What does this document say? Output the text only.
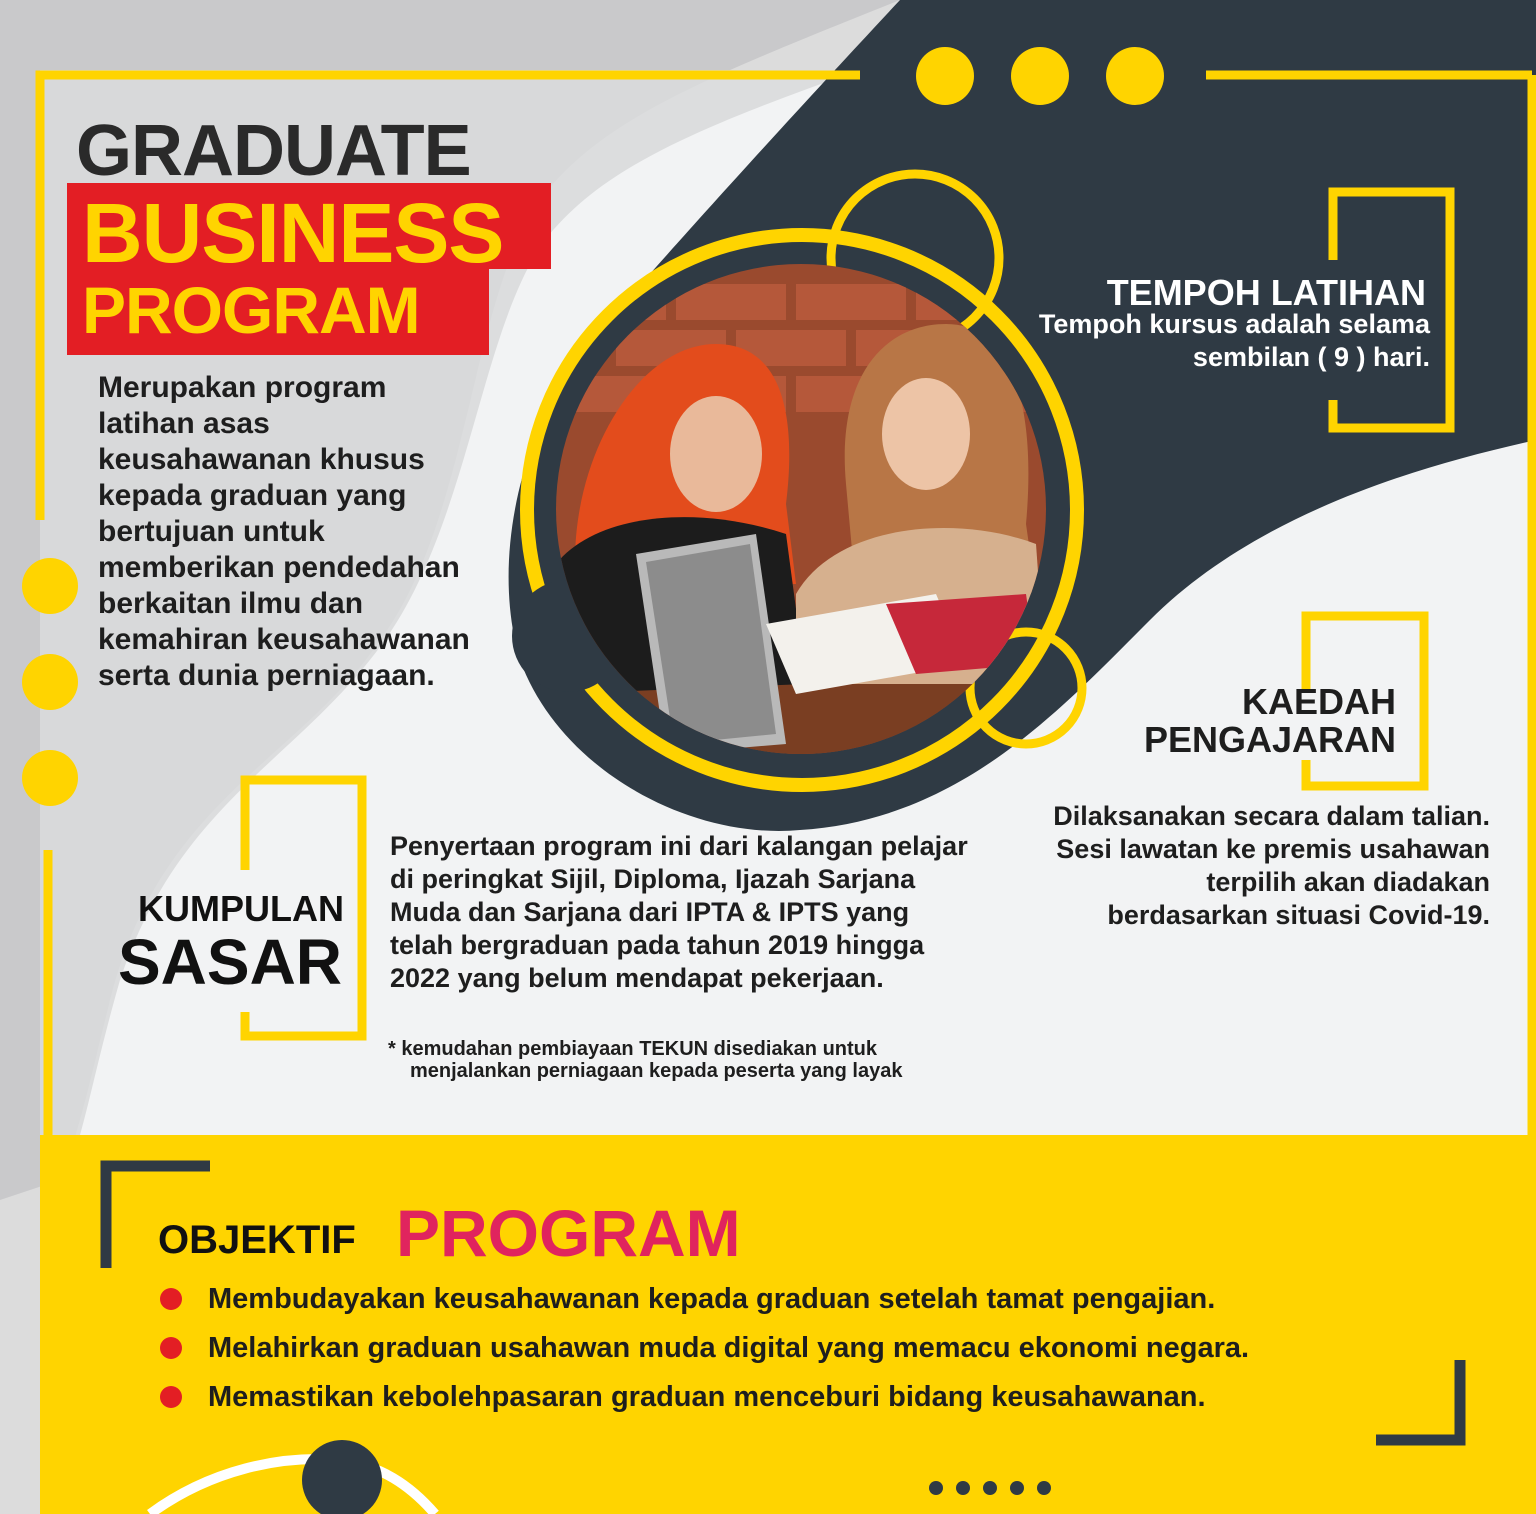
GRADUATE
BUSINESS
PROGRAM
Merupakan program latihan asas keusahawanan khusus kepada graduan yang bertujuan untuk memberikan pendedahan berkaitan ilmu dan kemahiran keusahawanan serta dunia perniagaan.
TEMPOH LATIHAN
Tempoh kursus adalah selama sembilan ( 9 ) hari.
KAEDAH
PENGAJARAN
Dilaksanakan secara dalam talian. Sesi lawatan ke premis usahawan terpilih akan diadakan berdasarkan situasi Covid-19.
KUMPULAN
SASAR
Penyertaan program ini dari kalangan pelajar di peringkat Sijil, Diploma, Ijazah Sarjana Muda dan Sarjana dari IPTA & IPTS yang telah bergraduan pada tahun 2019 hingga 2022 yang belum mendapat pekerjaan.
* kemudahan pembiayaan TEKUN disediakan untuk
menjalankan perniagaan kepada peserta yang layak
OBJEKTIF PROGRAM
Membudayakan keusahawanan kepada graduan setelah tamat pengajian.
Melahirkan graduan usahawan muda digital yang memacu ekonomi negara.
Memastikan kebolehpasaran graduan menceburi bidang keusahawanan.
